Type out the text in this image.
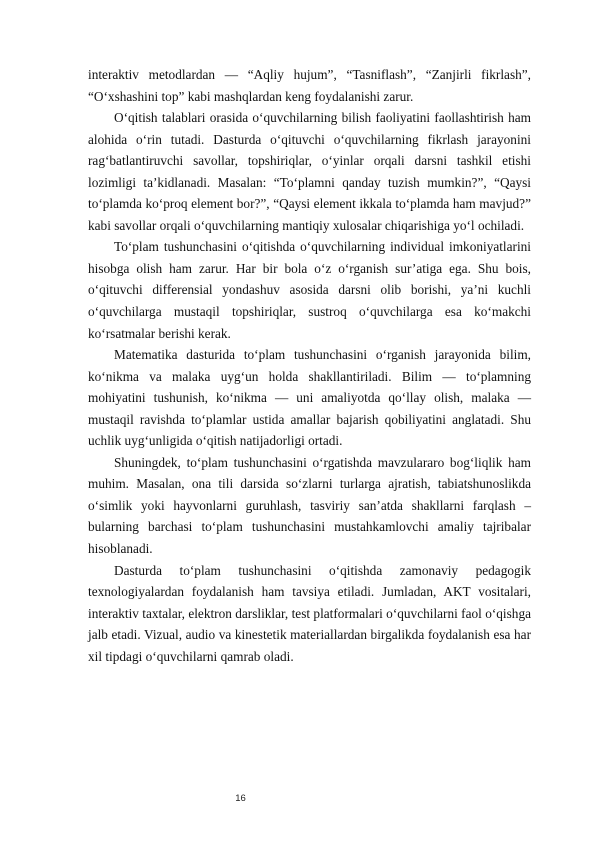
interaktiv metodlardan — “Aqliy hujum”, “Tasniflash”, “Zanjirli fikrlash”, “O‘xshashini top” kabi mashqlardan keng foydalanishi zarur.

O‘qitish talablari orasida o‘quvchilarning bilish faoliyatini faollashtirish ham alohida o‘rin tutadi. Dasturda o‘qituvchi o‘quvchilarning fikrlash jarayonini rag‘batlantiruvchi savollar, topshiriqlar, o‘yinlar orqali darsni tashkil etishi lozimligi ta’kidlanadi. Masalan: “To‘plamni qanday tuzish mumkin?”, “Qaysi to‘plamda ko‘proq element bor?”, “Qaysi element ikkala to‘plamda ham mavjud?” kabi savollar orqali o‘quvchilarning mantiqiy xulosalar chiqarishiga yo‘l ochiladi.

To‘plam tushunchasini o‘qitishda o‘quvchilarning individual imkoniyatlarini hisobga olish ham zarur. Har bir bola o‘z o‘rganish sur’atiga ega. Shu bois, o‘qituvchi differensial yondashuv asosida darsni olib borishi, ya’ni kuchli o‘quvchilarga mustaqil topshiriqlar, sustroq o‘quvchilarga esa ko‘makchi ko‘rsatmalar berishi kerak.

Matematika dasturida to‘plam tushunchasini o‘rganish jarayonida bilim, ko‘nikma va malaka uyg‘un holda shakllantiriladi. Bilim — to‘plamning mohiyatini tushunish, ko‘nikma — uni amaliyotda qo‘llay olish, malaka — mustaqil ravishda to‘plamlar ustida amallar bajarish qobiliyatini anglatadi. Shu uchlik uyg‘unligida o‘qitish natijadorligi ortadi.

Shuningdek, to‘plam tushunchasini o‘rgatishda mavzulararo bog‘liqlik ham muhim. Masalan, ona tili darsida so‘zlarni turlarga ajratish, tabiatshunoslikda o‘simlik yoki hayvonlarni guruhlash, tasviriy san’atda shakllarni farqlash – bularning barchasi to‘plam tushunchasini mustahkamlovchi amaliy tajribalar hisoblanadi.

Dasturda to‘plam tushunchasini o‘qitishda zamonaviy pedagogik texnologiyalardan foydalanish ham tavsiya etiladi. Jumladan, AKT vositalari, interaktiv taxtalar, elektron darsliklar, test platformalari o‘quvchilarni faol o‘qishga jalb etadi. Vizual, audio va kinestetik materiallardan birgalikda foydalanish esa har xil tipdagi o‘quvchilarni qamrab oladi.

16
